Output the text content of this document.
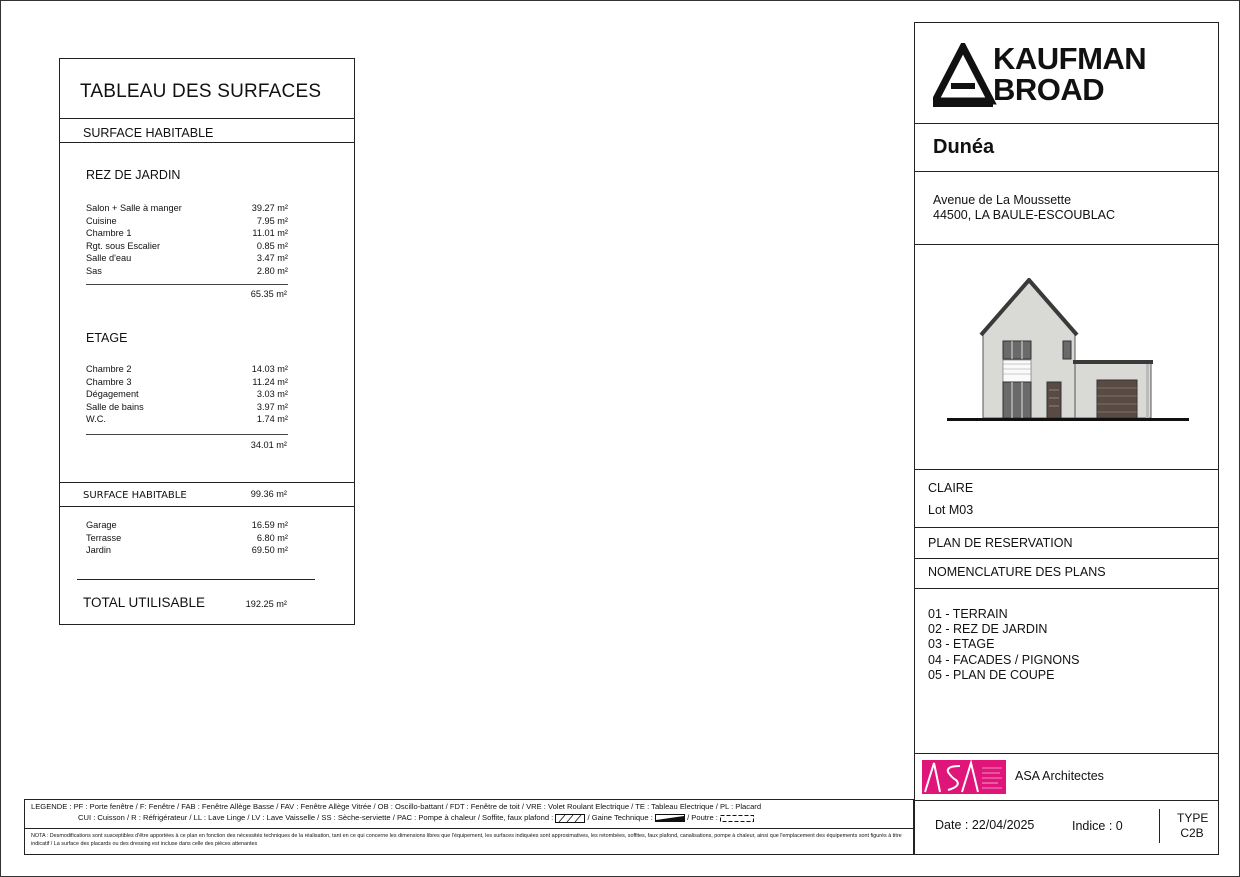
TABLEAU DES SURFACES
SURFACE HABITABLE
REZ DE JARDIN
Salon + Salle à manger	39.27 m²
Cuisine	7.95 m²
Chambre 1	11.01 m²
Rgt. sous Escalier	0.85 m²
Salle d'eau	3.47 m²
Sas	2.80 m²
65.35 m²
ETAGE
Chambre 2	14.03 m²
Chambre 3	11.24 m²
Dégagement	3.03 m²
Salle de bains	3.97 m²
W.C.	1.74 m²
34.01 m²
SURFACE HABITABLE	99.36 m²
Garage	16.59 m²
Terrasse	6.80 m²
Jardin	69.50 m²
TOTAL UTILISABLE	192.25 m²
KAUFMAN
BROAD
Dunéa
Avenue de La Moussette
44500, LA BAULE-ESCOUBLAC
CLAIRE
Lot M03
PLAN DE RESERVATION
NOMENCLATURE DES PLANS
01 - TERRAIN
02 - REZ DE JARDIN
03 - ETAGE
04 - FACADES / PIGNONS
05 - PLAN DE COUPE
ASA Architectes
Date : 22/04/2025	Indice : 0
TYPE
C2B
LEGENDE : PF : Porte fenêtre / F: Fenêtre / FAB : Fenêtre Allège Basse / FAV : Fenêtre Allège Vitrée / OB : Oscillo-battant / FDT : Fenêtre de toit / VRE : Volet Roulant Electrique / TE : Tableau Electrique / PL : Placard
CUI : Cuisson / R : Réfrigérateur / LL : Lave Linge / LV : Lave Vaisselle / SS : Sèche-serviette / PAC : Pompe à chaleur / Soffite, faux plafond :	/ Gaine Technique :	/ Poutre :
NOTA : Desmodifications sont susceptibles d'être apportées à ce plan en fonction des nécessités techniques de la réalisation, tant en ce qui concerne les dimensions libres que l'équipement, les surfaces indiquées sont approximatives, les retombées, soffites, faux plafond, canalisations, pompe à chaleur, ainsi que l'emplacement des équipements sont figurés à titre indicatif / La surface des placards ou des dressing est incluse dans celle des pièces attenantes
